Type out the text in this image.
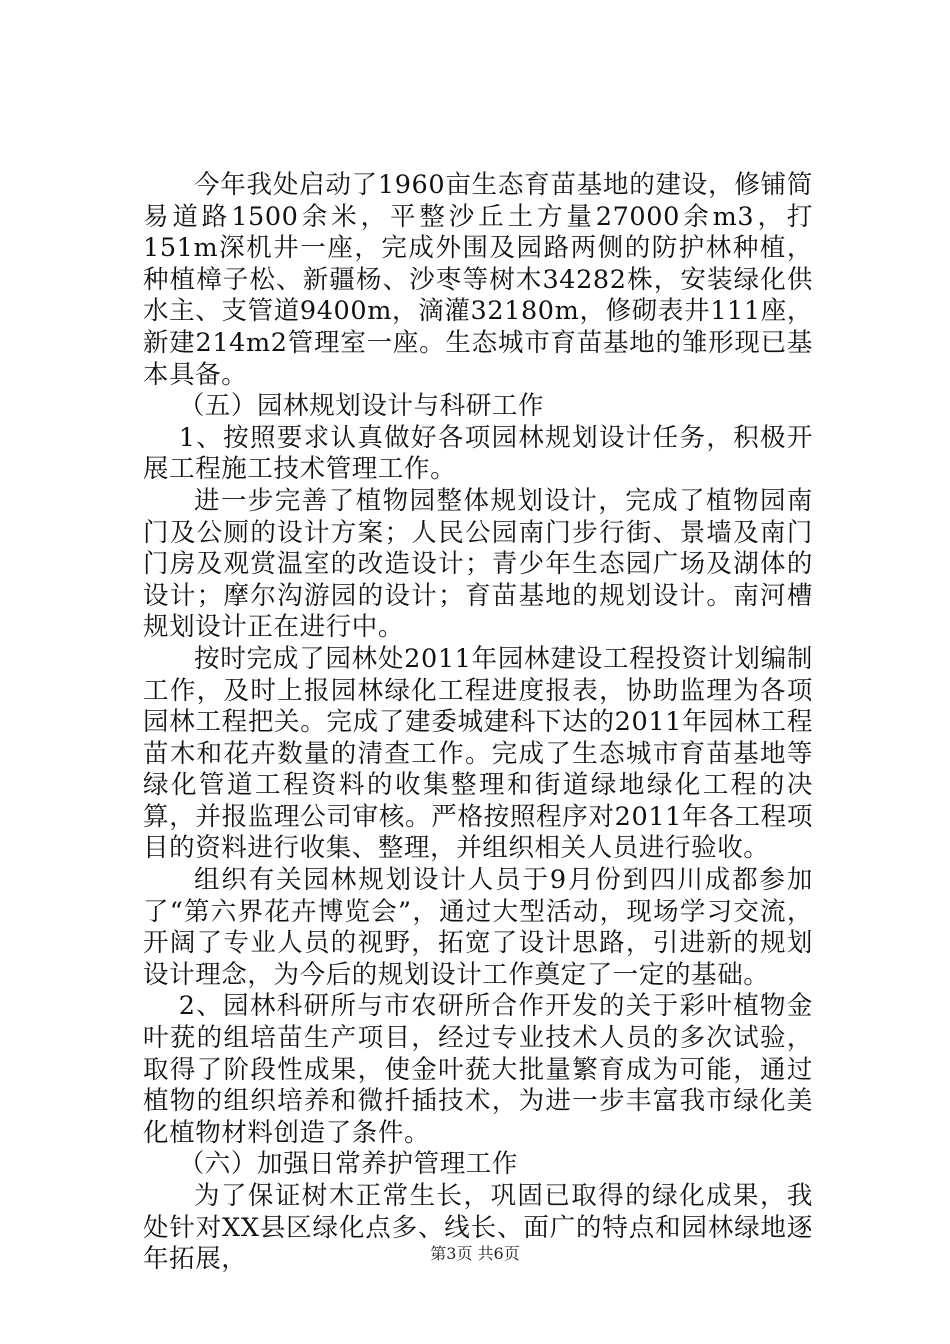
今年我处启动了1960亩生态育苗基地的建设，修铺简易道路1500余米，平整沙丘土方量27000余m3，打151m深机井一座，完成外围及园路两侧的防护林种植，种植樟子松、新疆杨、沙枣等树木34282株，安装绿化供水主、支管道9400m，滴灌32180m，修砌表井111座，新建214m2管理室一座。生态城市育苗基地的雏形现已基本具备。

（五）园林规划设计与科研工作

1、按照要求认真做好各项园林规划设计任务，积极开展工程施工技术管理工作。

进一步完善了植物园整体规划设计，完成了植物园南门及公厕的设计方案；人民公园南门步行街、景墙及南门门房及观赏温室的改造设计；青少年生态园广场及湖体的设计；摩尔沟游园的设计；育苗基地的规划设计。南河槽规划设计正在进行中。

按时完成了园林处2011年园林建设工程投资计划编制工作，及时上报园林绿化工程进度报表，协助监理为各项园林工程把关。完成了建委城建科下达的2011年园林工程苗木和花卉数量的清查工作。完成了生态城市育苗基地等绿化管道工程资料的收集整理和街道绿地绿化工程的决算，并报监理公司审核。严格按照程序对2011年各工程项目的资料进行收集、整理，并组织相关人员进行验收。

组织有关园林规划设计人员于9月份到四川成都参加了“第六界花卉博览会”，通过大型活动，现场学习交流，开阔了专业人员的视野，拓宽了设计思路，引进新的规划设计理念，为今后的规划设计工作奠定了一定的基础。

2、园林科研所与市农研所合作开发的关于彩叶植物金叶莸的组培苗生产项目，经过专业技术人员的多次试验，取得了阶段性成果，使金叶莸大批量繁育成为可能，通过植物的组织培养和微扦插技术，为进一步丰富我市绿化美化植物材料创造了条件。

（六）加强日常养护管理工作

为了保证树木正常生长，巩固已取得的绿化成果，我处针对XX县区绿化点多、线长、面广的特点和园林绿地逐年拓展，	第3页 共6页
